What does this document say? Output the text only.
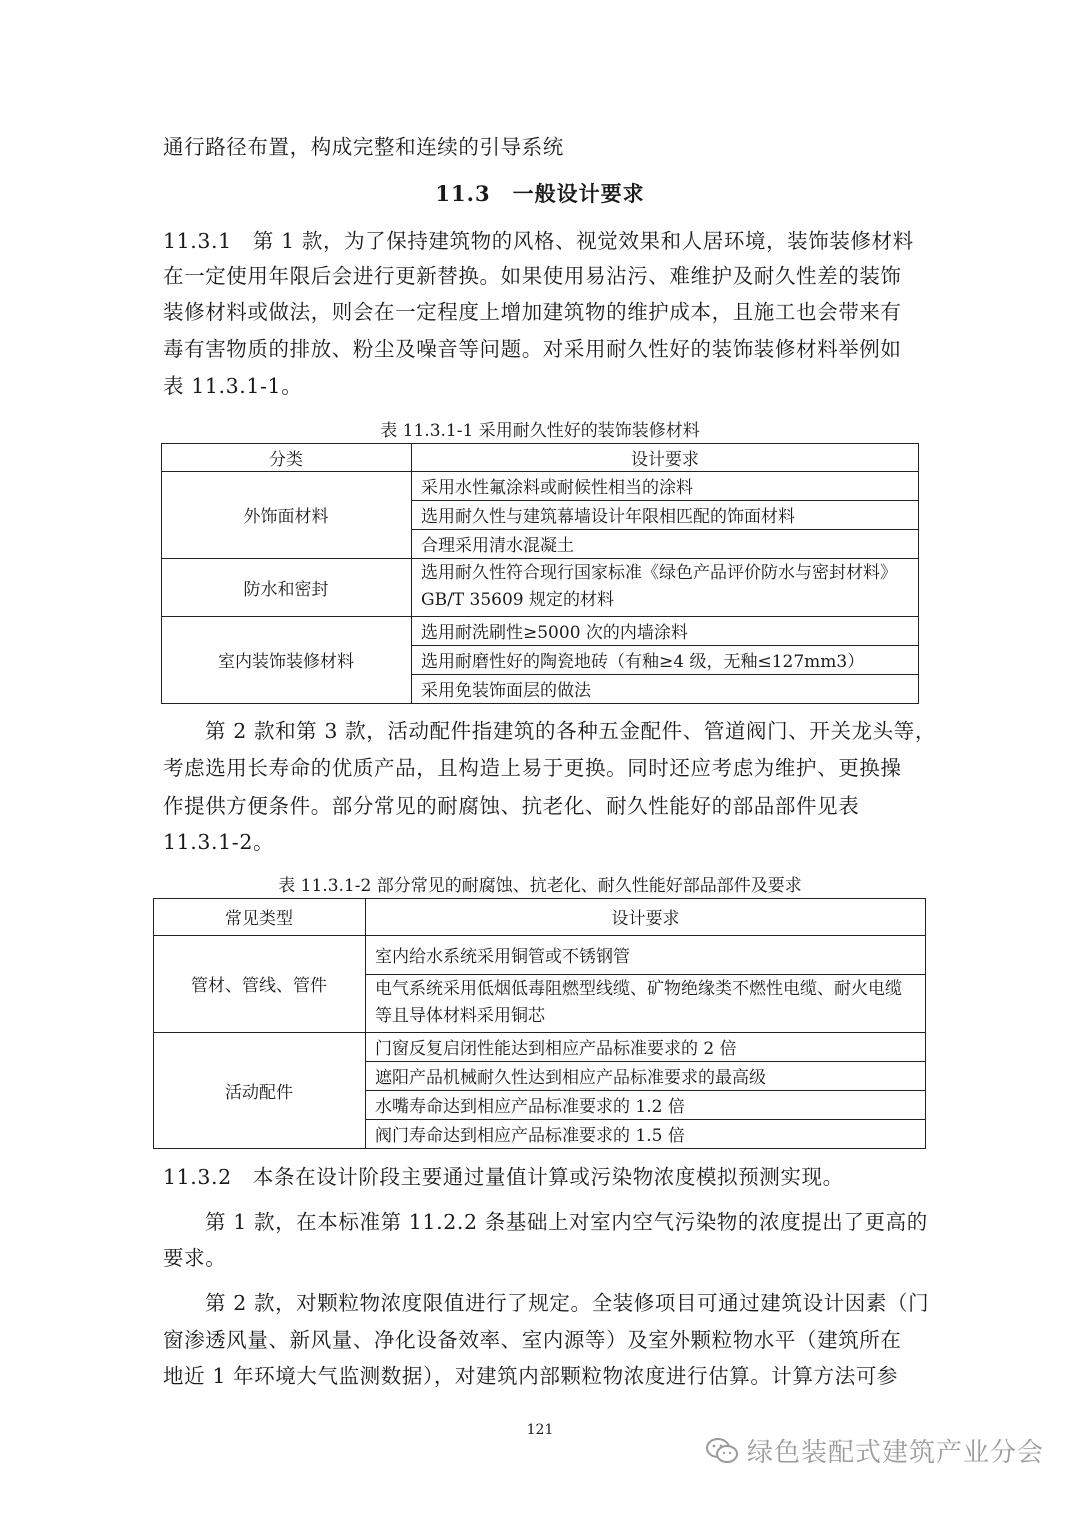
通行路径布置，构成完整和连续的引导系统
11.3　一般设计要求
11.3.1　第 1 款，为了保持建筑物的风格、视觉效果和人居环境，装饰装修材料
在一定使用年限后会进行更新替换。如果使用易沾污、难维护及耐久性差的装饰
装修材料或做法，则会在一定程度上增加建筑物的维护成本，且施工也会带来有
毒有害物质的排放、粉尘及噪音等问题。对采用耐久性好的装饰装修材料举例如
表 11.3.1-1。
表 11.3.1-1 采用耐久性好的装饰装修材料
分类	设计要求
外饰面材料
采用水性氟涂料或耐候性相当的涂料
选用耐久性与建筑幕墙设计年限相匹配的饰面材料
合理采用清水混凝土
防水和密封
选用耐久性符合现行国家标准《绿色产品评价防水与密封材料》 GB/T 35609 规定的材料
室内装饰装修材料
选用耐洗刷性≥5000 次的内墙涂料
选用耐磨性好的陶瓷地砖（有釉≥4 级，无釉≤127mm3）
采用免装饰面层的做法
第 2 款和第 3 款，活动配件指建筑的各种五金配件、管道阀门、开关龙头等，
考虑选用长寿命的优质产品，且构造上易于更换。同时还应考虑为维护、更换操
作提供方便条件。部分常见的耐腐蚀、抗老化、耐久性能好的部品部件见表
11.3.1-2。
表 11.3.1-2 部分常见的耐腐蚀、抗老化、耐久性能好部品部件及要求
常见类型	设计要求
管材、管线、管件
室内给水系统采用铜管或不锈钢管
电气系统采用低烟低毒阻燃型线缆、矿物绝缘类不燃性电缆、耐火电缆等且导体材料采用铜芯
活动配件
门窗反复启闭性能达到相应产品标准要求的 2 倍
遮阳产品机械耐久性达到相应产品标准要求的最高级
水嘴寿命达到相应产品标准要求的 1.2 倍
阀门寿命达到相应产品标准要求的 1.5 倍
11.3.2　本条在设计阶段主要通过量值计算或污染物浓度模拟预测实现。
第 1 款，在本标准第 11.2.2 条基础上对室内空气污染物的浓度提出了更高的
要求。
第 2 款，对颗粒物浓度限值进行了规定。全装修项目可通过建筑设计因素（门
窗渗透风量、新风量、净化设备效率、室内源等）及室外颗粒物水平（建筑所在
地近 1 年环境大气监测数据），对建筑内部颗粒物浓度进行估算。计算方法可参
121
绿色装配式建筑产业分会
